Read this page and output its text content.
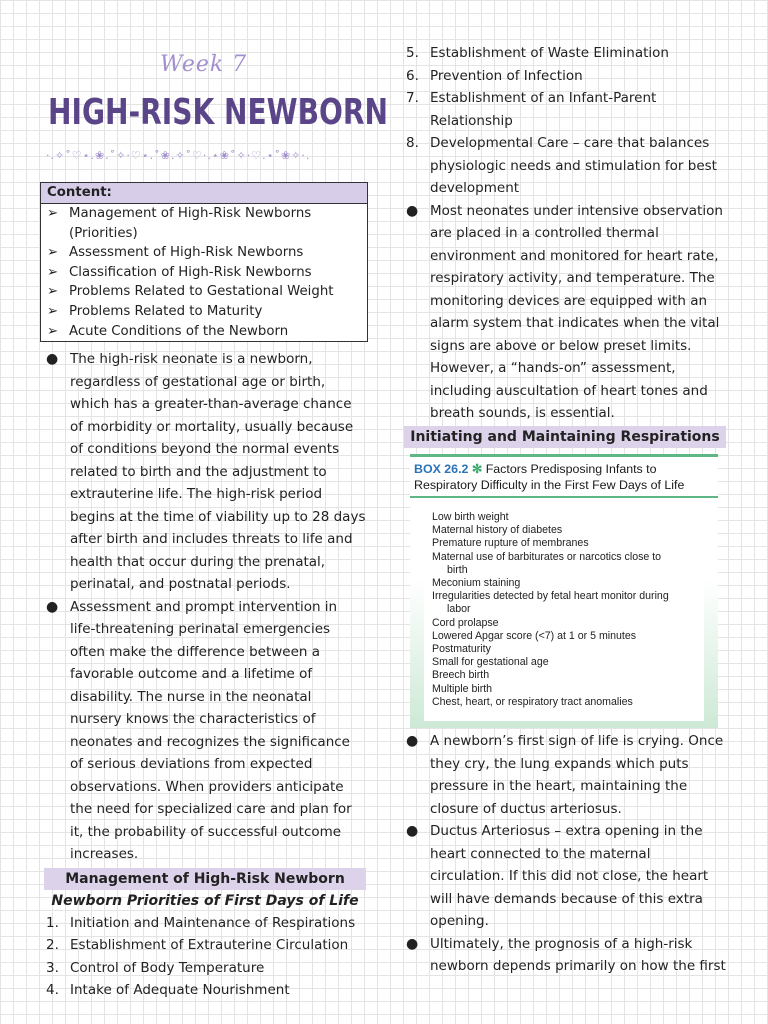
Week 7
HIGH-RISK NEWBORN
·.✧˚♡⋆.❀.˚✧·♡⋆.˚❀.✧˚♡·.⋆❀˚✧·♡.⋆˚❀✧·.
Content:
➢ Management of High-Risk Newborns (Priorities)
➢ Assessment of High-Risk Newborns
➢ Classification of High-Risk Newborns
➢ Problems Related to Gestational Weight
➢ Problems Related to Maturity
➢ Acute Conditions of the Newborn
● The high-risk neonate is a newborn, regardless of gestational age or birth, which has a greater-than-average chance of morbidity or mortality, usually because of conditions beyond the normal events related to birth and the adjustment to extrauterine life. The high-risk period begins at the time of viability up to 28 days after birth and includes threats to life and health that occur during the prenatal, perinatal, and postnatal periods.
● Assessment and prompt intervention in life-threatening perinatal emergencies often make the difference between a favorable outcome and a lifetime of disability. The nurse in the neonatal nursery knows the characteristics of neonates and recognizes the significance of serious deviations from expected observations. When providers anticipate the need for specialized care and plan for it, the probability of successful outcome increases.
Management of High-Risk Newborn
Newborn Priorities of First Days of Life
1. Initiation and Maintenance of Respirations
2. Establishment of Extrauterine Circulation
3. Control of Body Temperature
4. Intake of Adequate Nourishment
5. Establishment of Waste Elimination
6. Prevention of Infection
7. Establishment of an Infant-Parent Relationship
8. Developmental Care – care that balances physiologic needs and stimulation for best development
● Most neonates under intensive observation are placed in a controlled thermal environment and monitored for heart rate, respiratory activity, and temperature. The monitoring devices are equipped with an alarm system that indicates when the vital signs are above or below preset limits. However, a “hands-on” assessment, including auscultation of heart tones and breath sounds, is essential.
Initiating and Maintaining Respirations
BOX 26.2 ✻ Factors Predisposing Infants to Respiratory Difficulty in the First Few Days of Life
Low birth weight
Maternal history of diabetes
Premature rupture of membranes
Maternal use of barbiturates or narcotics close to
birth
Meconium staining
Irregularities detected by fetal heart monitor during
labor
Cord prolapse
Lowered Apgar score (<7) at 1 or 5 minutes
Postmaturity
Small for gestational age
Breech birth
Multiple birth
Chest, heart, or respiratory tract anomalies
● A newborn’s first sign of life is crying. Once they cry, the lung expands which puts pressure in the heart, maintaining the closure of ductus arteriosus.
● Ductus Arteriosus – extra opening in the heart connected to the maternal circulation. If this did not close, the heart will have demands because of this extra opening.
● Ultimately, the prognosis of a high-risk newborn depends primarily on how the first
